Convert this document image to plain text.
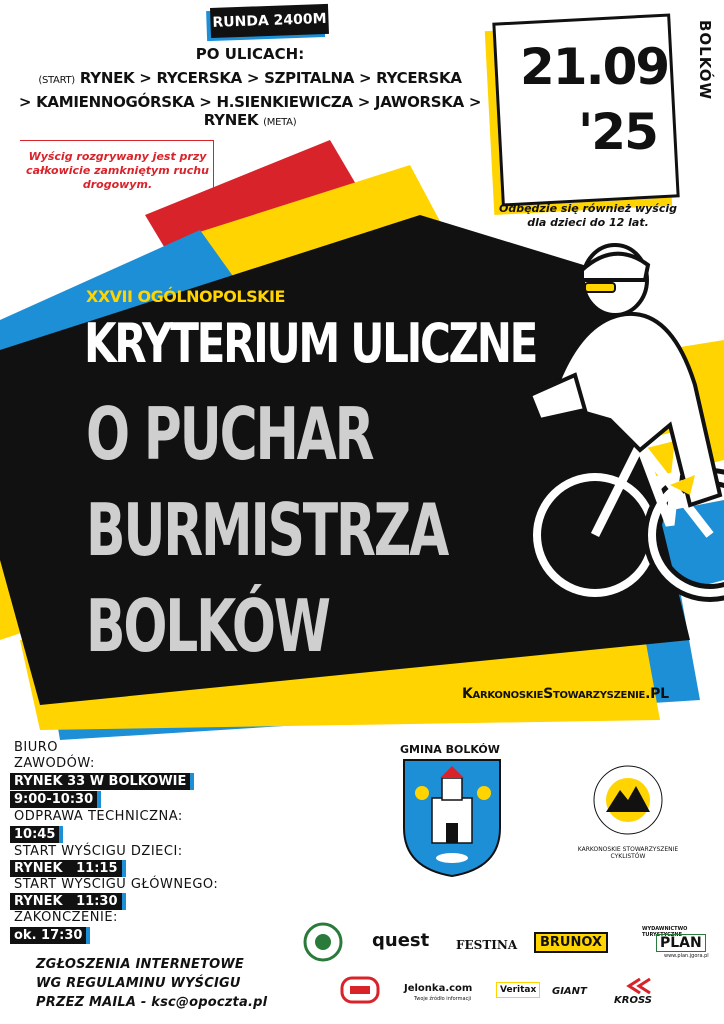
RUNDA 2400M
PO ULICACH:
(START) RYNEK > RYCERSKA > SZPITALNA > RYCERSKA
> KAMIENNOGÓRSKA > H.SIENKIEWICZA > JAWORSKA > RYNEK (META)
Wyścig rozgrywany jest przy całkowicie zamkniętym ruchu drogowym.
21.09
'25
BOLKÓW
Odbędzie się również wyścig dla dzieci do 12 lat.
XXVII OGÓLNOPOLSKIE
KRYTERIUM ULICZNE
O PUCHAR
BURMISTRZA
BOLKÓW
KarkonoskieStowarzyszenie.PL
BIURO
ZAWODÓW:
RYNEK 33 W BOLKOWIE
9:00-10:30
ODPRAWA TECHNICZNA:
10:45
START WYŚCIGU DZIECI:
RYNEK   11:15
START WYŚCIGU GŁÓWNEGO:
RYNEK   11:30
ZAKOŃCZENIE:
ok. 17:30
ZGŁOSZENIA INTERNETOWE
WG REGULAMINU WYŚCIGU
PRZEZ MAILA - ksc@opoczta.pl
GMINA BOLKÓW
KARKONOSKIE STOWARZYSZENIE CYKLISTÓW
quest FESTINA	BRUNOX
WYDAWNICTWO TURYSTYCZNE
PLAN
www.plan.jgora.pl
Jelonka.com
Twoje źródło informacji
Veritax	GIANT
KROSS
